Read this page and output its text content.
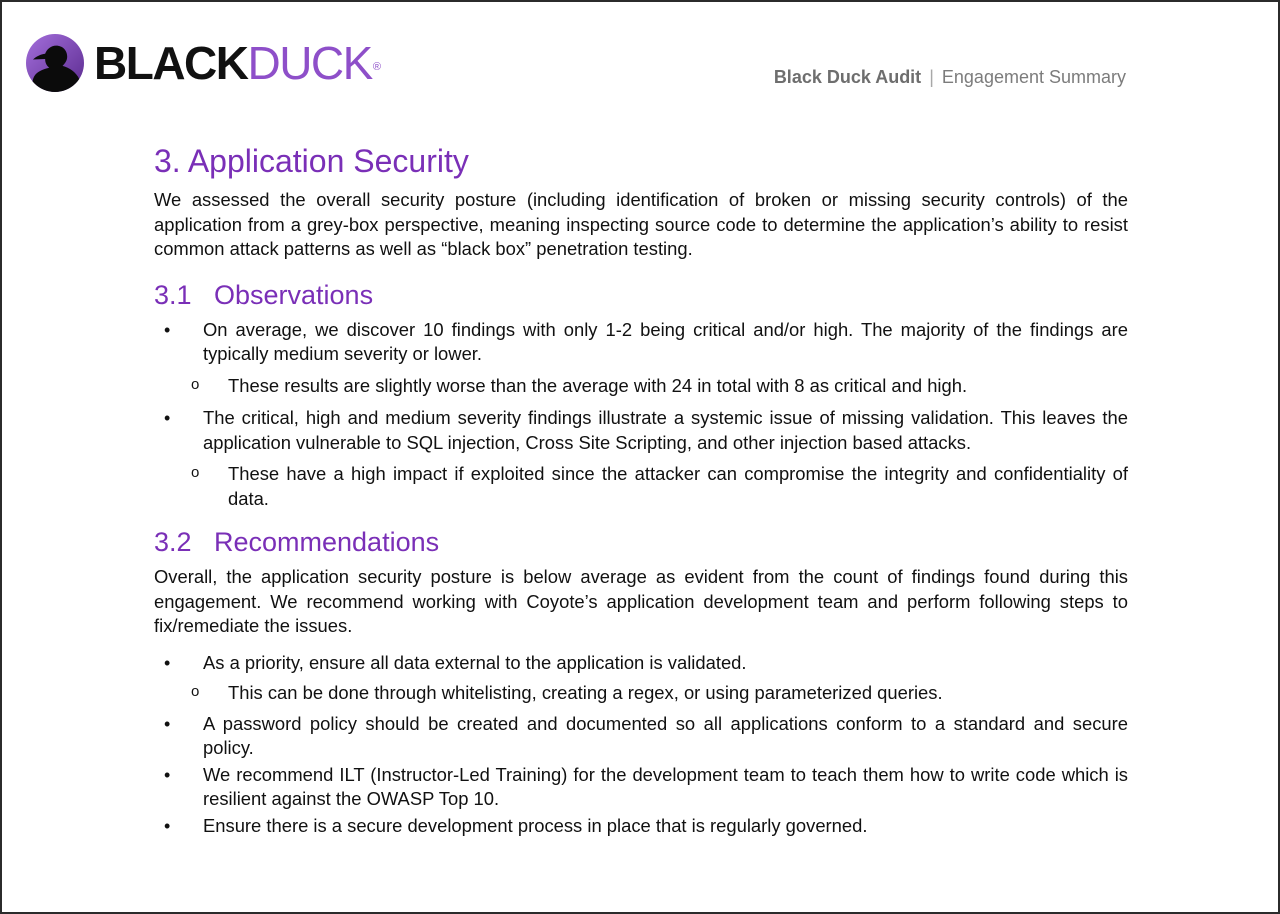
BLACKDUCK®	Black Duck Audit | Engagement Summary
3. Application Security

We assessed the overall security posture (including identification of broken or missing security controls) of the application from a grey-box perspective, meaning inspecting source code to determine the application’s ability to resist common attack patterns as well as “black box” penetration testing.

3.1 Observations
• On average, we discover 10 findings with only 1-2 being critical and/or high. The majority of the findings are typically medium severity or lower.
o These results are slightly worse than the average with 24 in total with 8 as critical and high.
• The critical, high and medium severity findings illustrate a systemic issue of missing validation. This leaves the application vulnerable to SQL injection, Cross Site Scripting, and other injection based attacks.
o These have a high impact if exploited since the attacker can compromise the integrity and confidentiality of data.
3.2 Recommendations

Overall, the application security posture is below average as evident from the count of findings found during this engagement. We recommend working with Coyote’s application development team and perform following steps to fix/remediate the issues.

• As a priority, ensure all data external to the application is validated.
o This can be done through whitelisting, creating a regex, or using parameterized queries.
• A password policy should be created and documented so all applications conform to a standard and secure policy.
• We recommend ILT (Instructor-Led Training) for the development team to teach them how to write code which is resilient against the OWASP Top 10.
• Ensure there is a secure development process in place that is regularly governed.
